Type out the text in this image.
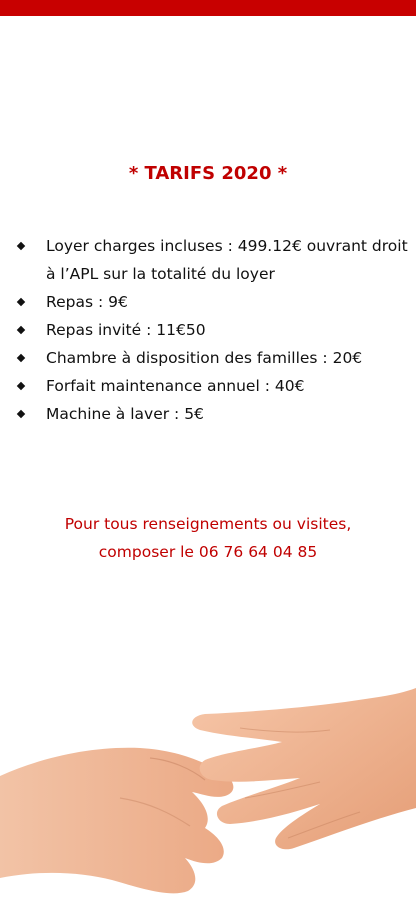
* TARIFS 2020 *
Loyer charges incluses : 499.12€ ouvrant droit à l’APL sur la totalité du loyer
Repas : 9€
Repas invité : 11€50
Chambre à disposition des familles : 20€
Forfait maintenance annuel : 40€
Machine à laver : 5€
Pour tous renseignements ou visites,
composer le 06 76 64 04 85
